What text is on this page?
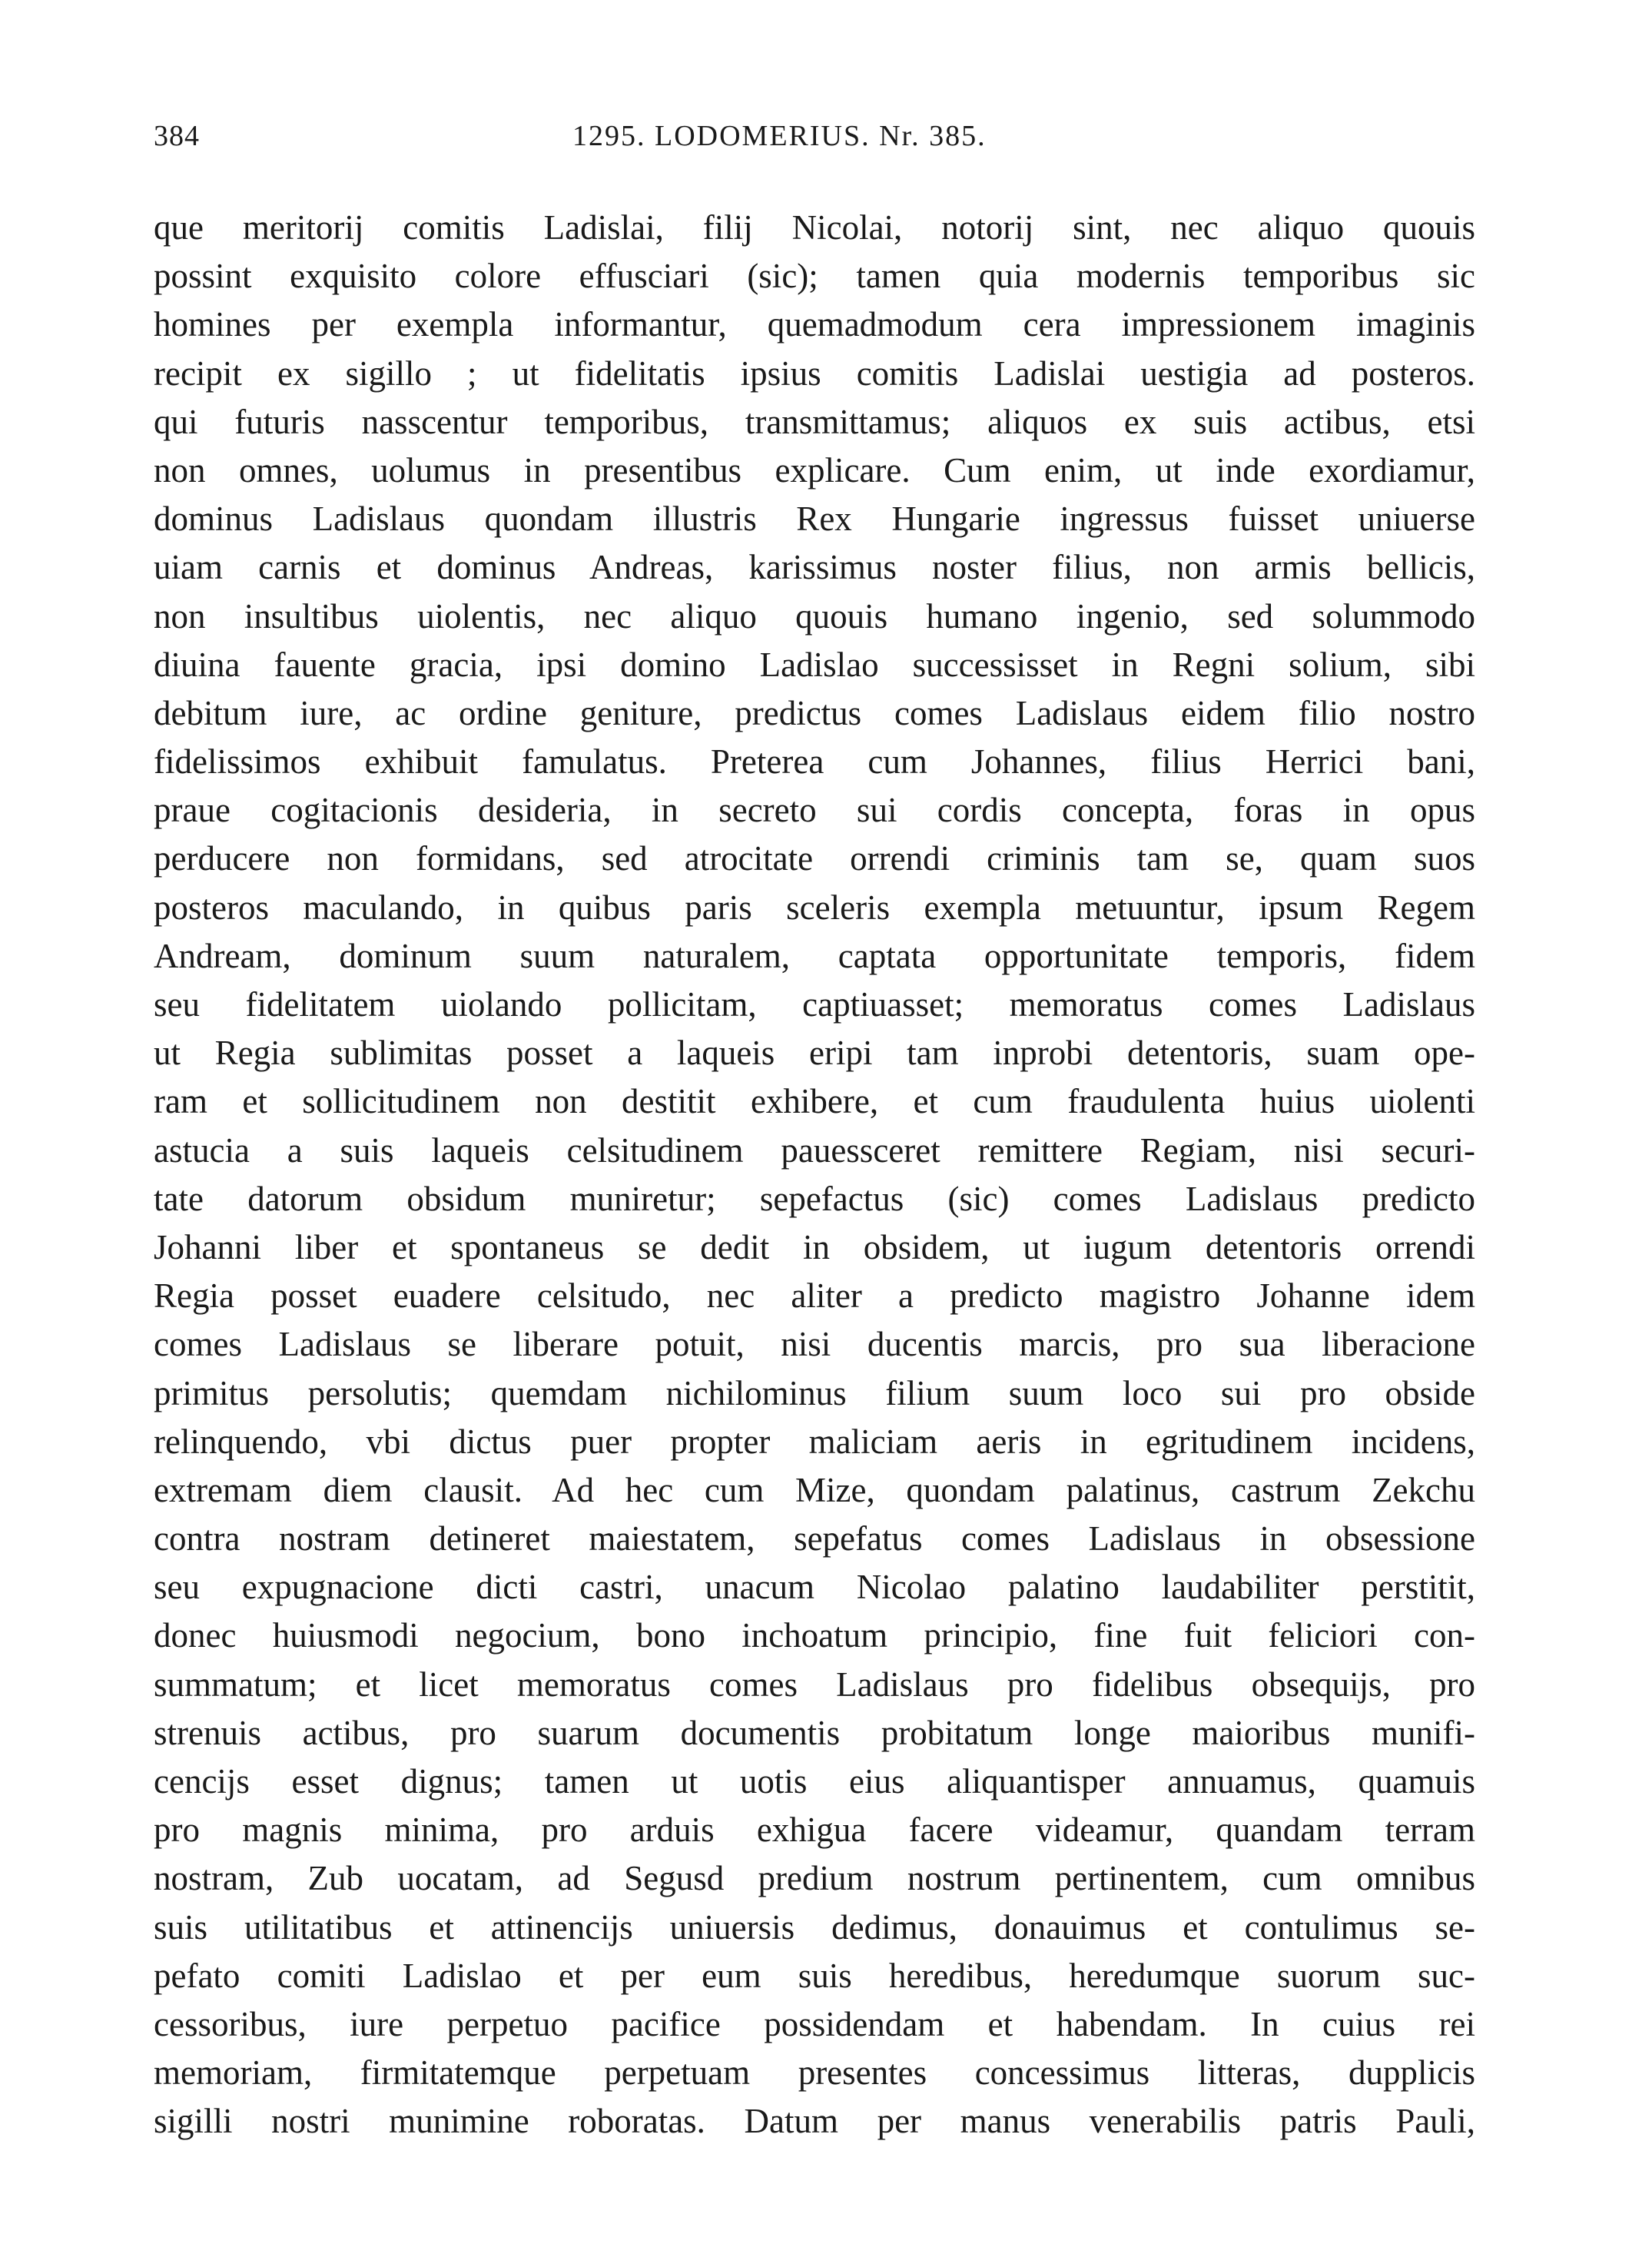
384	1295. LODOMERIUS. Nr. 385.
que meritorij comitis Ladislai, filij Nicolai, notorij sint, nec aliquo quouis
possint exquisito colore effusciari (sic); tamen quia modernis temporibus sic
homines per exempla informantur, quemadmodum cera impressionem imaginis
recipit ex sigillo ; ut fidelitatis ipsius comitis Ladislai uestigia ad posteros.
qui futuris nasscentur temporibus, transmittamus; aliquos ex suis actibus, etsi
non omnes, uolumus in presentibus explicare. Cum enim, ut inde exordiamur,
dominus Ladislaus quondam illustris Rex Hungarie ingressus fuisset uniuerse
uiam carnis et dominus Andreas, karissimus noster filius, non armis bellicis,
non insultibus uiolentis, nec aliquo quouis humano ingenio, sed solummodo
diuina fauente gracia, ipsi domino Ladislao successisset in Regni solium, sibi
debitum iure, ac ordine geniture, predictus comes Ladislaus eidem filio nostro
fidelissimos exhibuit famulatus. Preterea cum Johannes, filius Herrici bani,
praue cogitacionis desideria, in secreto sui cordis concepta, foras in opus
perducere non formidans, sed atrocitate orrendi criminis tam se, quam suos
posteros maculando, in quibus paris sceleris exempla metuuntur, ipsum Regem
Andream, dominum suum naturalem, captata opportunitate temporis, fidem
seu fidelitatem uiolando pollicitam, captiuasset; memoratus comes Ladislaus
ut Regia sublimitas posset a laqueis eripi tam inprobi detentoris, suam ope-
ram et sollicitudinem non destitit exhibere, et cum fraudulenta huius uiolenti
astucia a suis laqueis celsitudinem pauessceret remittere Regiam, nisi securi-
tate datorum obsidum muniretur; sepefactus (sic) comes Ladislaus predicto
Johanni liber et spontaneus se dedit in obsidem, ut iugum detentoris orrendi
Regia posset euadere celsitudo, nec aliter a predicto magistro Johanne idem
comes Ladislaus se liberare potuit, nisi ducentis marcis, pro sua liberacione
primitus persolutis; quemdam nichilominus filium suum loco sui pro obside
relinquendo, vbi dictus puer propter maliciam aeris in egritudinem incidens,
extremam diem clausit. Ad hec cum Mize, quondam palatinus, castrum Zekchu
contra nostram detineret maiestatem, sepefatus comes Ladislaus in obsessione
seu expugnacione dicti castri, unacum Nicolao palatino laudabiliter perstitit,
donec huiusmodi negocium, bono inchoatum principio, fine fuit feliciori con-
summatum; et licet memoratus comes Ladislaus pro fidelibus obsequijs, pro
strenuis actibus, pro suarum documentis probitatum longe maioribus munifi-
cencijs esset dignus; tamen ut uotis eius aliquantisper annuamus, quamuis
pro magnis minima, pro arduis exhigua facere videamur, quandam terram
nostram, Zub uocatam, ad Segusd predium nostrum pertinentem, cum omnibus
suis utilitatibus et attinencijs uniuersis dedimus, donauimus et contulimus se-
pefato comiti Ladislao et per eum suis heredibus, heredumque suorum suc-
cessoribus, iure perpetuo pacifice possidendam et habendam. In cuius rei
memoriam, firmitatemque perpetuam presentes concessimus litteras, dupplicis
sigilli nostri munimine roboratas. Datum per manus venerabilis patris Pauli,
